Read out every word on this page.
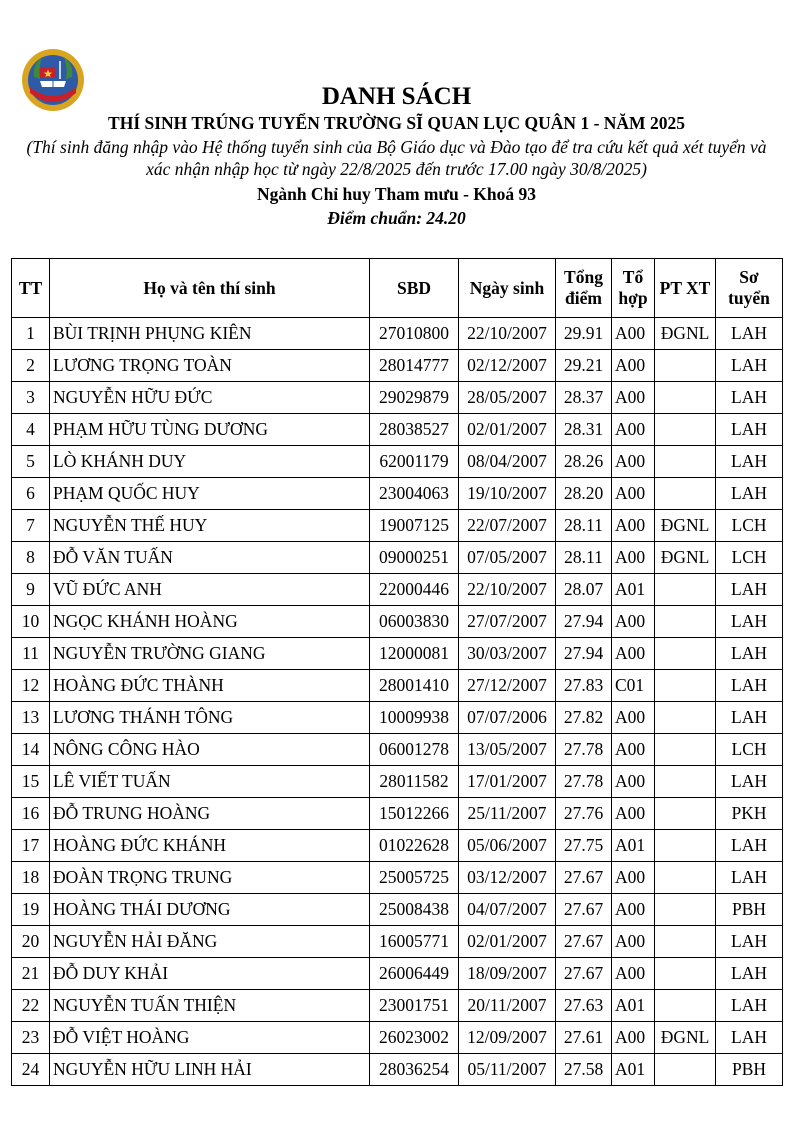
DANH SÁCH
THÍ SINH TRÚNG TUYỂN TRƯỜNG SĨ QUAN LỤC QUÂN 1 - NĂM 2025
(Thí sinh đăng nhập vào Hệ thống tuyển sinh của Bộ Giáo dục và Đào tạo để tra cứu kết quả xét tuyển và xác nhận nhập học từ ngày 22/8/2025 đến trước 17.00 ngày 30/8/2025)
Ngành Chỉ huy Tham mưu - Khoá 93
Điểm chuẩn: 24.20
TT	Họ và tên thí sinh	SBD	Ngày sinh	Tổng điểm	Tổ hợp	PT XT	Sơ tuyển
1	BÙI TRỊNH PHỤNG KIÊN	27010800	22/10/2007	29.91	A00	ĐGNL	LAH
2	LƯƠNG TRỌNG TOÀN	28014777	02/12/2007	29.21	A00		LAH
3	NGUYỄN HỮU ĐỨC	29029879	28/05/2007	28.37	A00		LAH
4	PHẠM HỮU TÙNG DƯƠNG	28038527	02/01/2007	28.31	A00		LAH
5	LÒ KHÁNH DUY	62001179	08/04/2007	28.26	A00		LAH
6	PHẠM QUỐC HUY	23004063	19/10/2007	28.20	A00		LAH
7	NGUYỄN THẾ HUY	19007125	22/07/2007	28.11	A00	ĐGNL	LCH
8	ĐỖ VĂN TUẤN	09000251	07/05/2007	28.11	A00	ĐGNL	LCH
9	VŨ ĐỨC ANH	22000446	22/10/2007	28.07	A01		LAH
10	NGỌC KHÁNH HOÀNG	06003830	27/07/2007	27.94	A00		LAH
11	NGUYỄN TRƯỜNG GIANG	12000081	30/03/2007	27.94	A00		LAH
12	HOÀNG ĐỨC THÀNH	28001410	27/12/2007	27.83	C01		LAH
13	LƯƠNG THÁNH TÔNG	10009938	07/07/2006	27.82	A00		LAH
14	NÔNG CÔNG HÀO	06001278	13/05/2007	27.78	A00		LCH
15	LÊ VIẾT TUẤN	28011582	17/01/2007	27.78	A00		LAH
16	ĐỖ TRUNG HOÀNG	15012266	25/11/2007	27.76	A00		PKH
17	HOÀNG ĐỨC KHÁNH	01022628	05/06/2007	27.75	A01		LAH
18	ĐOÀN TRỌNG TRUNG	25005725	03/12/2007	27.67	A00		LAH
19	HOÀNG THÁI DƯƠNG	25008438	04/07/2007	27.67	A00		PBH
20	NGUYỄN HẢI ĐĂNG	16005771	02/01/2007	27.67	A00		LAH
21	ĐỖ DUY KHẢI	26006449	18/09/2007	27.67	A00		LAH
22	NGUYỄN TUẤN THIỆN	23001751	20/11/2007	27.63	A01		LAH
23	ĐỖ VIỆT HOÀNG	26023002	12/09/2007	27.61	A00	ĐGNL	LAH
24	NGUYỄN HỮU LINH HẢI	28036254	05/11/2007	27.58	A01		PBH
